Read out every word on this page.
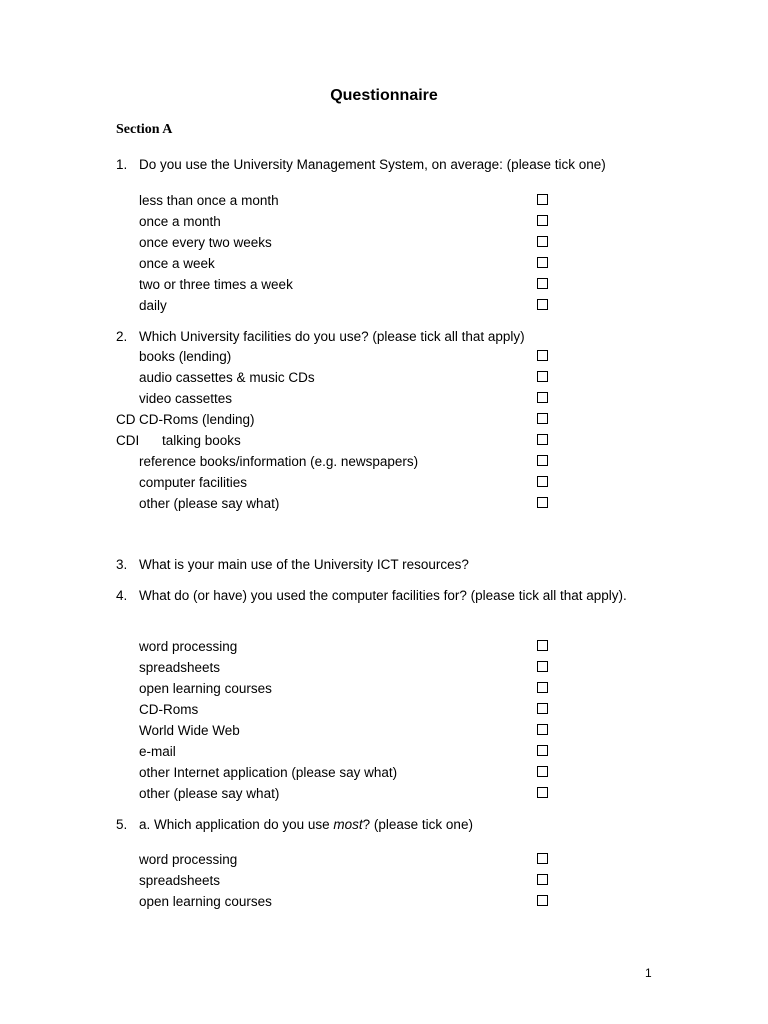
Questionnaire
Section A
1. Do you use the University Management System, on average: (please tick one)
less than once a month
once a month
once every two weeks
once a week
two or three times a week
daily
2. Which University facilities do you use? (please tick all that apply)
books (lending)
audio cassettes & music CDs
video cassettes
CD CD-Roms (lending)
CDI talking books
reference books/information (e.g. newspapers)
computer facilities
other (please say what)
3. What is your main use of the University ICT resources?
4. What do (or have) you used the computer facilities for? (please tick all that apply).
word processing
spreadsheets
open learning courses
CD-Roms
World Wide Web
e-mail
other Internet application (please say what)
other (please say what)
5. a. Which application do you use most? (please tick one)
word processing
spreadsheets
open learning courses
1
